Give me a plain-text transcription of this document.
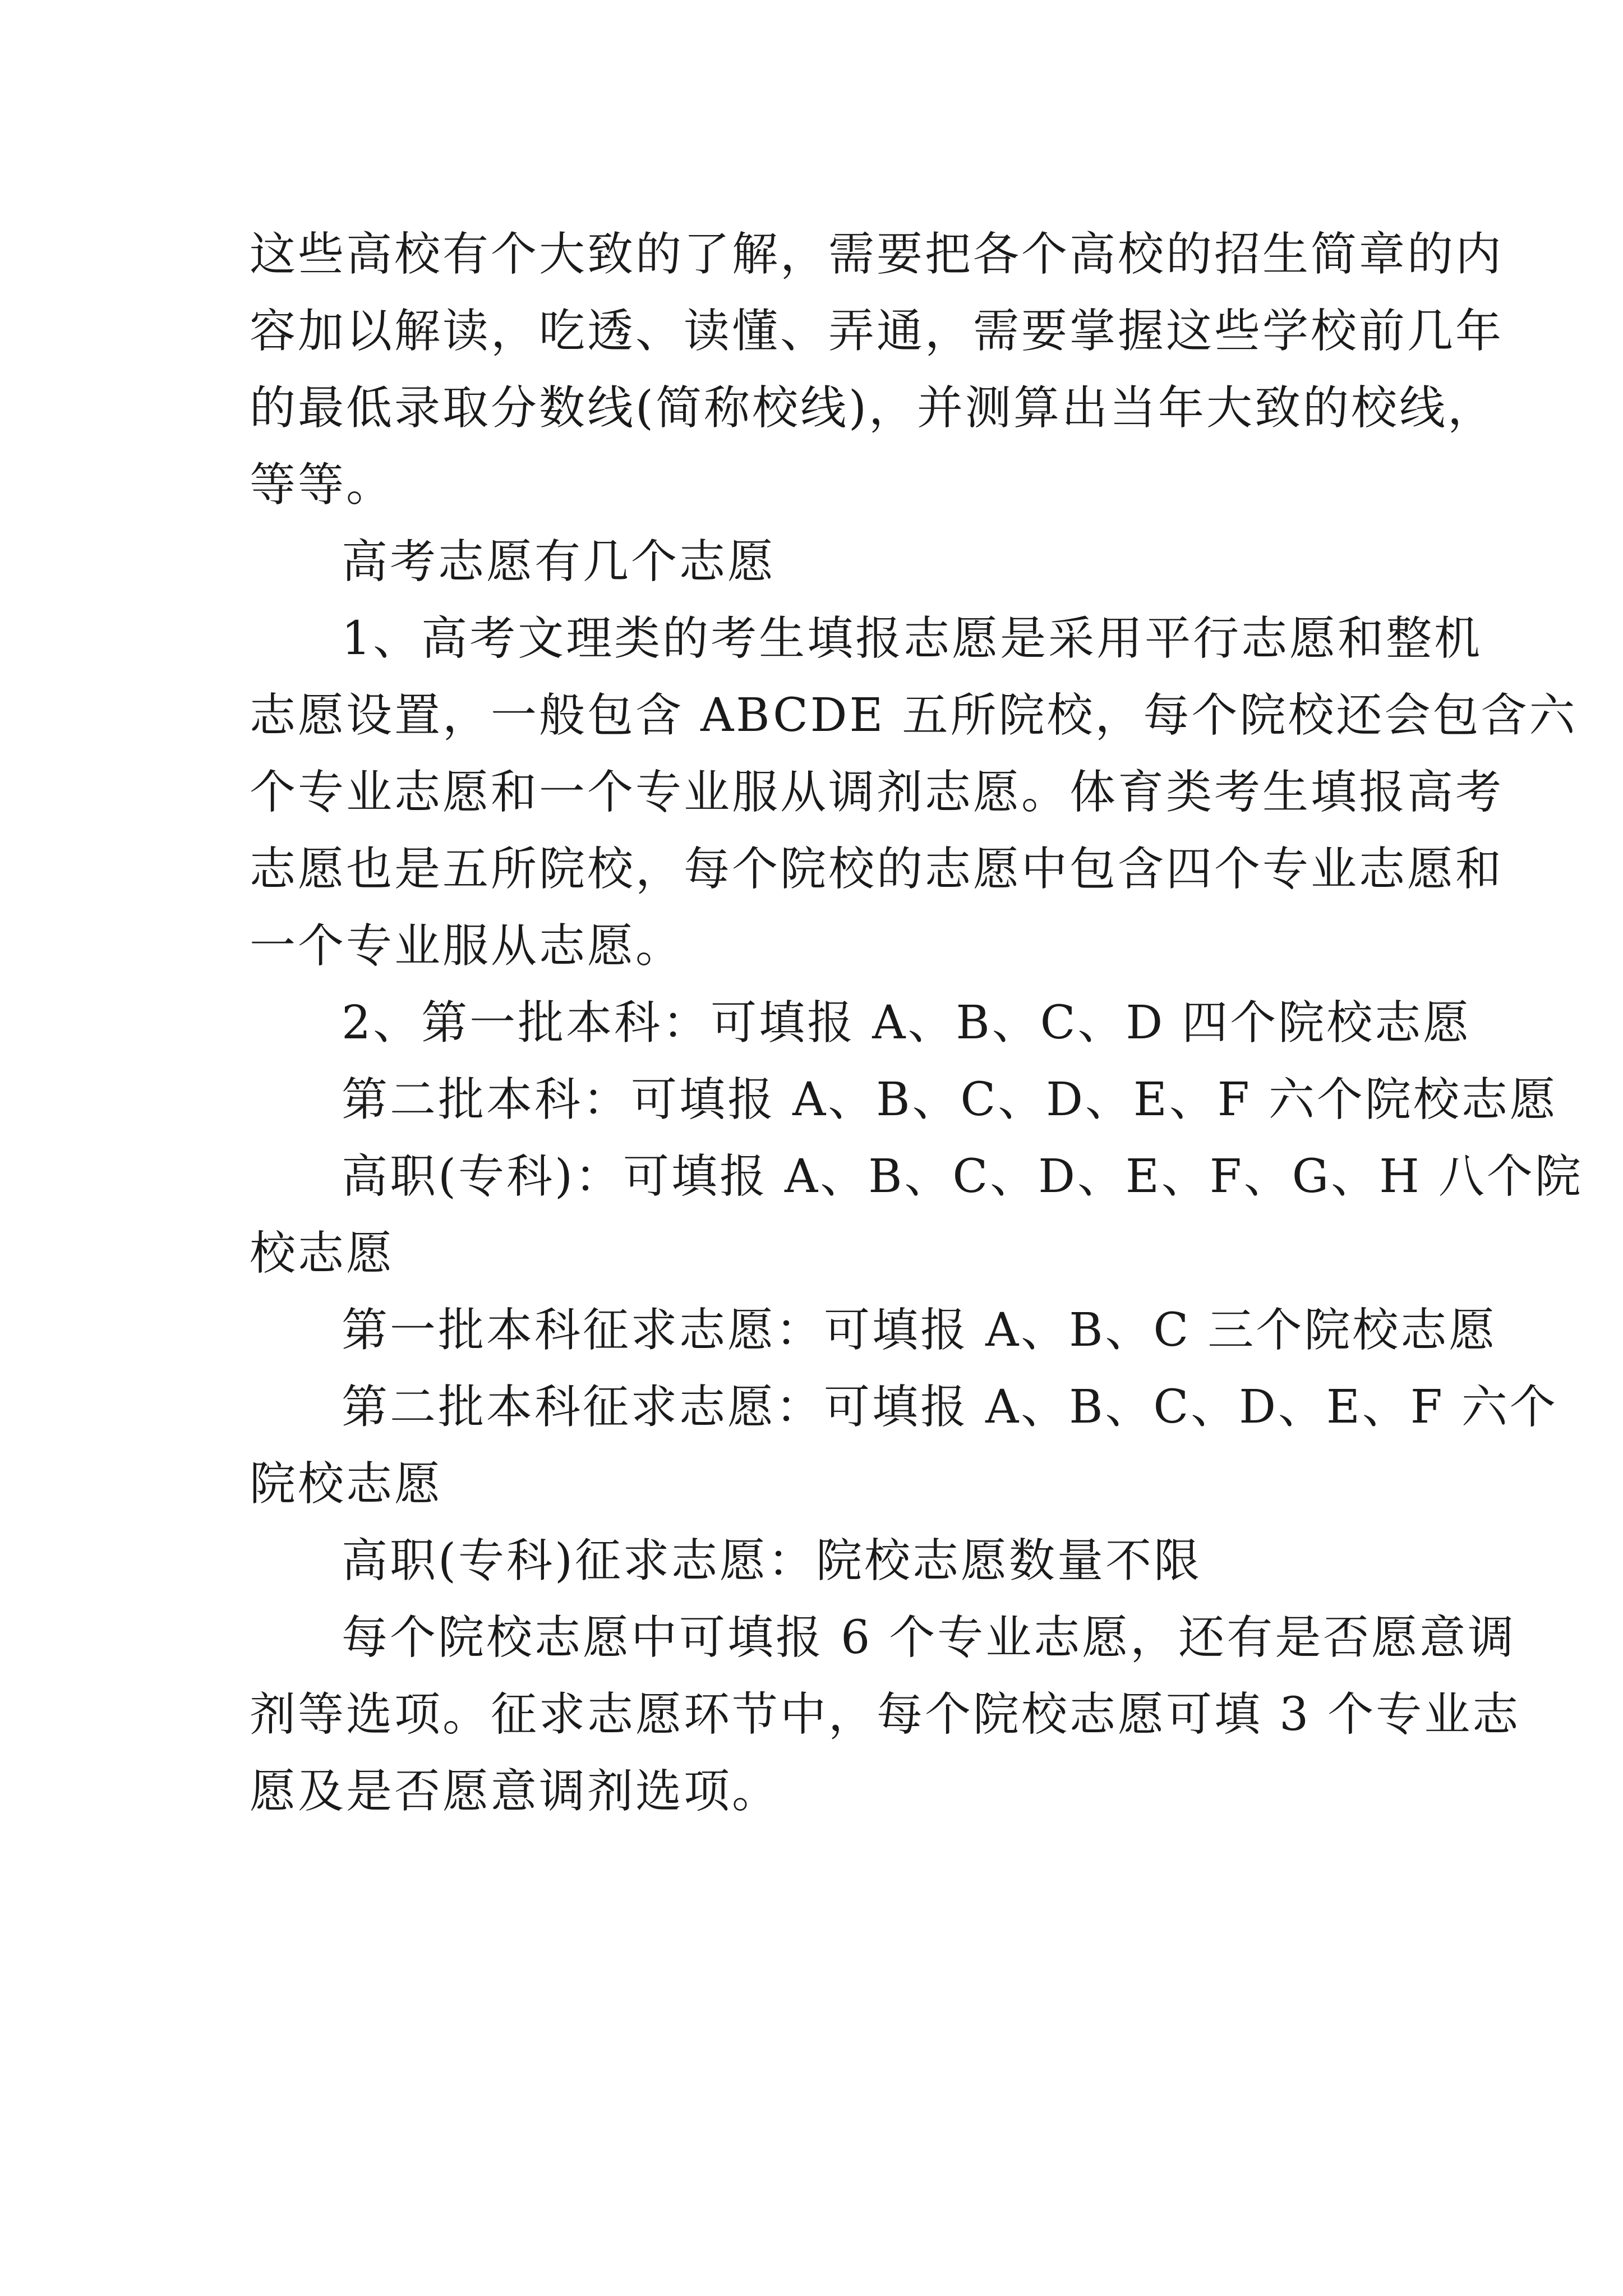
这些高校有个大致的了解，需要把各个高校的招生简章的内
容加以解读，吃透、读懂、弄通，需要掌握这些学校前几年
的最低录取分数线(简称校线)，并测算出当年大致的校线，
等等。
高考志愿有几个志愿
1、高考文理类的考生填报志愿是采用平行志愿和整机
志愿设置，一般包含 ABCDE 五所院校，每个院校还会包含六
个专业志愿和一个专业服从调剂志愿。体育类考生填报高考
志愿也是五所院校，每个院校的志愿中包含四个专业志愿和
一个专业服从志愿。
2、第一批本科：可填报 A、B、C、D 四个院校志愿
第二批本科：可填报 A、B、C、D、E、F 六个院校志愿
高职(专科)：可填报 A、B、C、D、E、F、G、H 八个院
校志愿
第一批本科征求志愿：可填报 A、B、C 三个院校志愿
第二批本科征求志愿：可填报 A、B、C、D、E、F 六个
院校志愿
高职(专科)征求志愿：院校志愿数量不限
每个院校志愿中可填报 6 个专业志愿，还有是否愿意调
剂等选项。征求志愿环节中，每个院校志愿可填 3 个专业志
愿及是否愿意调剂选项。
